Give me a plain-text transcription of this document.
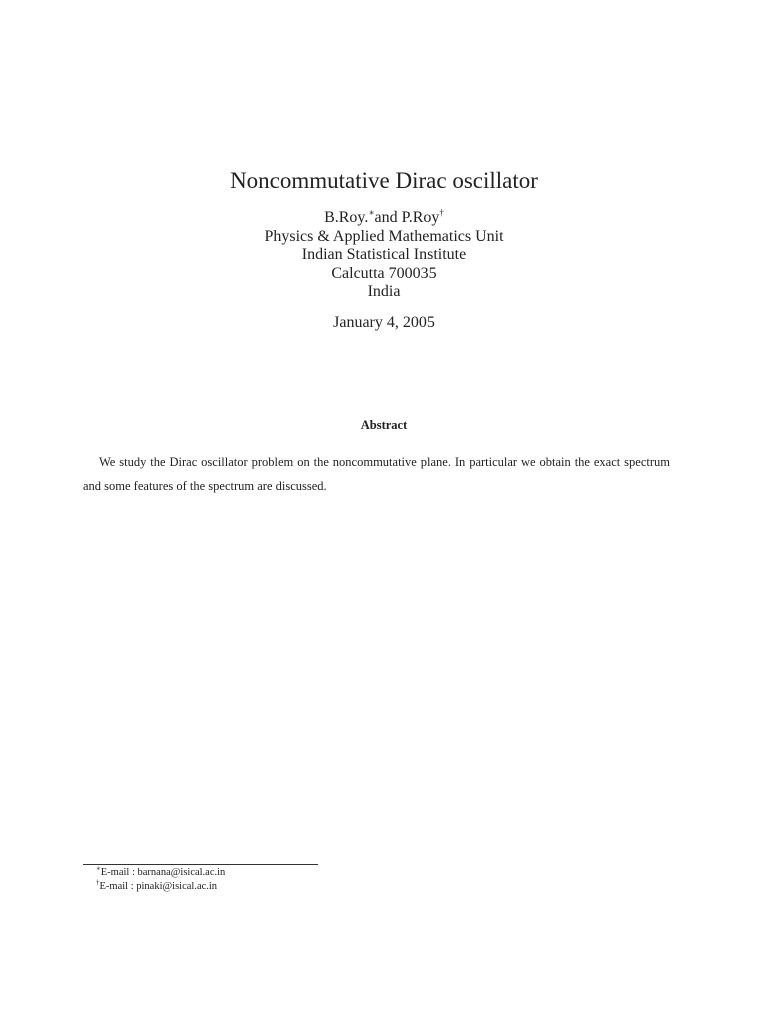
Noncommutative Dirac oscillator
B.Roy.∗and P.Roy†
Physics & Applied Mathematics Unit
Indian Statistical Institute
Calcutta 700035
India
January 4, 2005
Abstract
We study the Dirac oscillator problem on the noncommutative plane. In particular we obtain the exact spectrum and some features of the spectrum are discussed.
∗E-mail : barnana@isical.ac.in
†E-mail : pinaki@isical.ac.in
